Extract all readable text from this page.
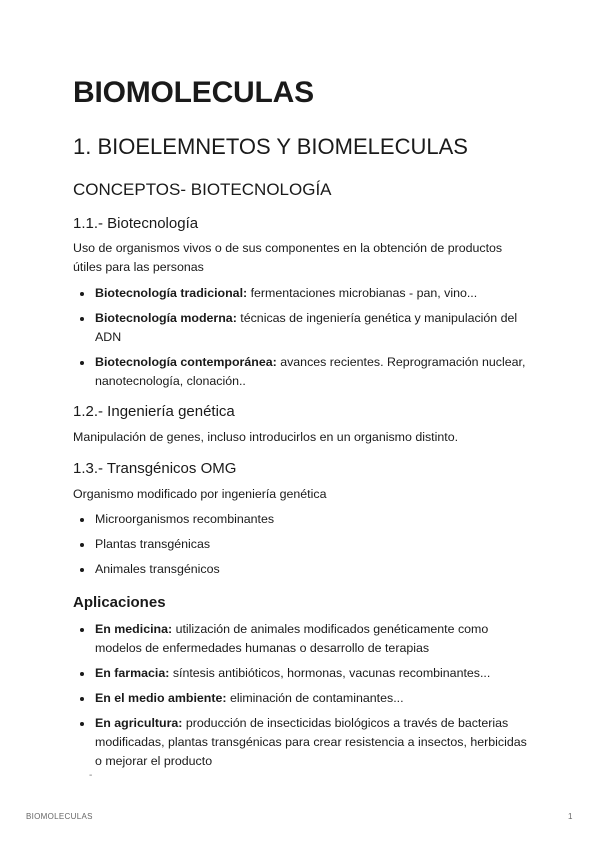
BIOMOLECULAS
1. BIOELEMNETOS Y BIOMELECULAS
CONCEPTOS- BIOTECNOLOGÍA
1.1.- Biotecnología
Uso de organismos vivos o de sus componentes en la obtención de productos útiles para las personas
Biotecnología tradicional: fermentaciones microbianas - pan, vino...
Biotecnología moderna: técnicas de ingeniería genética y manipulación del ADN
Biotecnología contemporánea: avances recientes. Reprogramación nuclear, nanotecnología, clonación..
1.2.- Ingeniería genética
Manipulación de genes, incluso introducirlos en un organismo distinto.
1.3.- Transgénicos OMG
Organismo modificado por ingeniería genética
Microorganismos recombinantes
Plantas transgénicas
Animales transgénicos
Aplicaciones
En medicina: utilización de animales modificados genéticamente como modelos de enfermedades humanas o desarrollo de terapias
En farmacia: síntesis antibióticos, hormonas, vacunas recombinantes...
En el medio ambiente: eliminación de contaminantes...
En agricultura: producción de insecticidas biológicos a través de bacterias modificadas, plantas transgénicas para crear resistencia a insectos, herbicidas o mejorar el producto
-
BIOMOLECULAS	1
